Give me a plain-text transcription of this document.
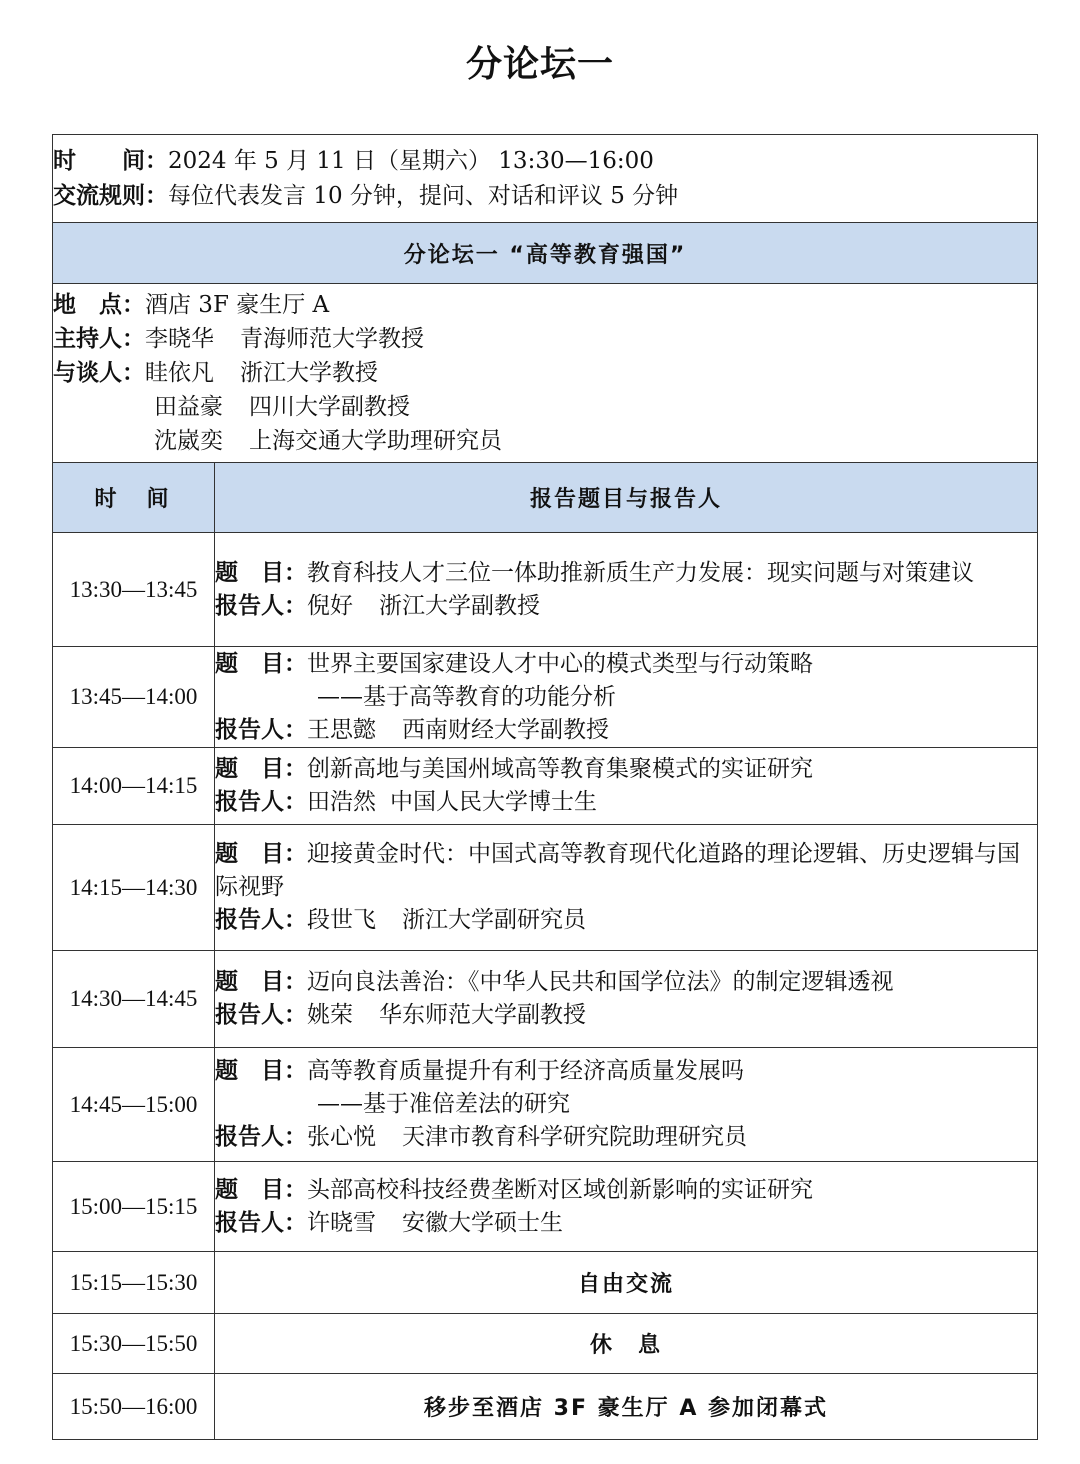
分论坛一
时　　间：2024 年 5 月 11 日（星期六） 13:30—16:00
交流规则：每位代表发言 10 分钟，提问、对话和评议 5 分钟	

分论坛一 “高等教育强国”	

地　点：酒店 3F 豪生厅 A
主持人：李晓华 青海师范大学教授
与谈人：眭依凡 浙江大学教授
田益豪 四川大学副教授
沈崴奕 上海交通大学助理研究员	

时　间	报告题目与报告人
13:30—13:45	题　目：教育科技人才三位一体助推新质生产力发展：现实问题与对策建议
报告人：倪好 浙江大学副教授

13:45—14:00	题　目：世界主要国家建设人才中心的模式类型与行动策略
——基于高等教育的功能分析
报告人：王思懿 西南财经大学副教授

14:00—14:15	题　目：创新高地与美国州域高等教育集聚模式的实证研究
报告人：田浩然 中国人民大学博士生

14:15—14:30	题　目：迎接黄金时代：中国式高等教育现代化道路的理论逻辑、历史逻辑与国际视野
报告人：段世飞 浙江大学副研究员

14:30—14:45	题　目：迈向良法善治：《中华人民共和国学位法》的制定逻辑透视
报告人：姚荣 华东师范大学副教授

14:45—15:00	题　目：高等教育质量提升有利于经济高质量发展吗
——基于准倍差法的研究
报告人：张心悦 天津市教育科学研究院助理研究员

15:00—15:15	题　目：头部高校科技经费垄断对区域创新影响的实证研究
报告人：许晓雪 安徽大学硕士生

15:15—15:30	自由交流
15:30—15:50	休　息
15:50—16:00	移步至酒店 3F 豪生厅 A 参加闭幕式
